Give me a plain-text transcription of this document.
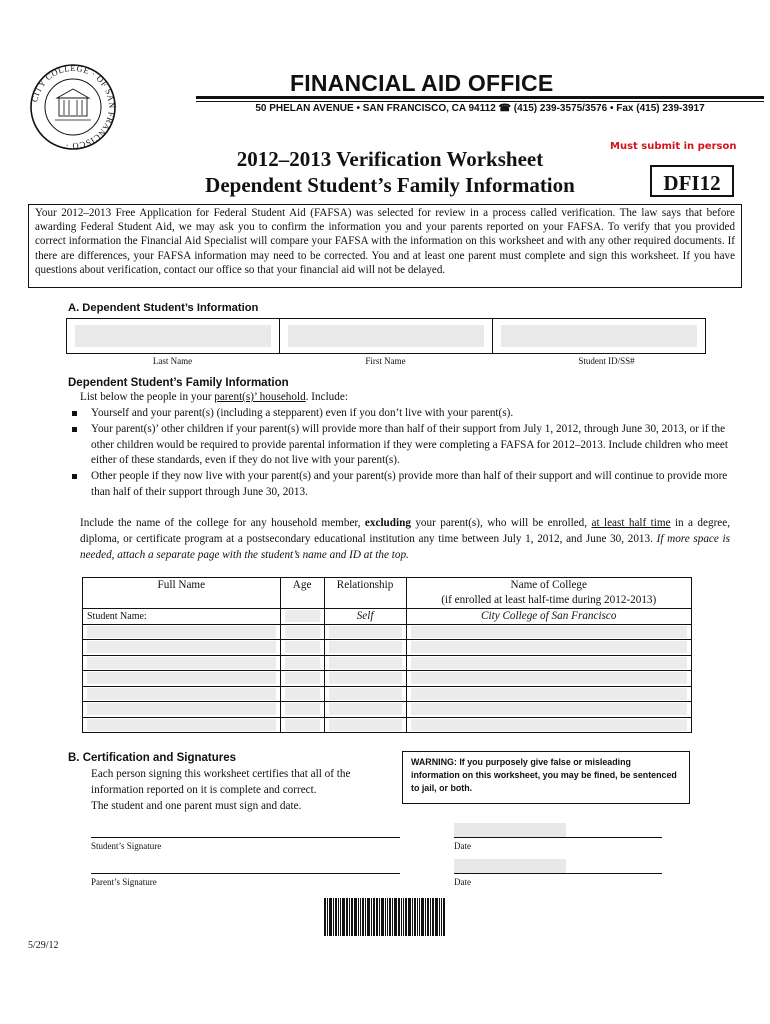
CITY COLLEGE · OF SAN FRANCISCO ·
FINANCIAL AID OFFICE
50 PHELAN AVENUE • SAN FRANCISCO, CA 94112 ☎ (415) 239-3575/3576 • Fax (415) 239-3917
Must submit in person
2012–2013 Verification Worksheet
Dependent Student’s Family Information	DFI12
Your 2012–2013 Free Application for Federal Student Aid (FAFSA) was selected for review in a process called verification. The law says that before awarding Federal Student Aid, we may ask you to confirm the information you and your parents reported on your FAFSA. To verify that you provided correct information the Financial Aid Specialist will compare your FAFSA with the information on this worksheet and with any other required documents. If there are differences, your FAFSA information may need to be corrected. You and at least one parent must complete and sign this worksheet. If you have questions about verification, contact our office so that your financial aid will not be delayed.
A. Dependent Student’s Information
Last Name	First Name	Student ID/SS#
Dependent Student’s Family Information
List below the people in your parent(s)’ household. Include:
Yourself and your parent(s) (including a stepparent) even if you don’t live with your parent(s).
Your parent(s)’ other children if your parent(s) will provide more than half of their support from July 1, 2012, through June 30, 2013, or if the other children would be required to provide parental information if they were completing a FAFSA for 2012–2013. Include children who meet either of these standards, even if they do not live with your parent(s).
Other people if they now live with your parent(s) and your parent(s) provide more than half of their support and will continue to provide more than half of their support through June 30, 2013.
Include the name of the college for any household member, excluding your parent(s), who will be enrolled, at least half time in a degree, diploma, or certificate program at a postsecondary educational institution any time between July 1, 2012, and June 30, 2013. If more space is needed, attach a separate page with the student’s name and ID at the top.
Full Name	Age	Relationship	Name of College
(if enrolled at least half-time during 2012-2013)

Student Name:		Self	City College of San Francisco

B. Certification and Signatures
Each person signing this worksheet certifies that all of the
information reported on it is complete and correct.
The student and one parent must sign and date.
WARNING: If you purposely give false or misleading information on this worksheet, you may be fined, be sentenced to jail, or both.
Student’s Signature	Date
Parent’s Signature	Date
5/29/12
